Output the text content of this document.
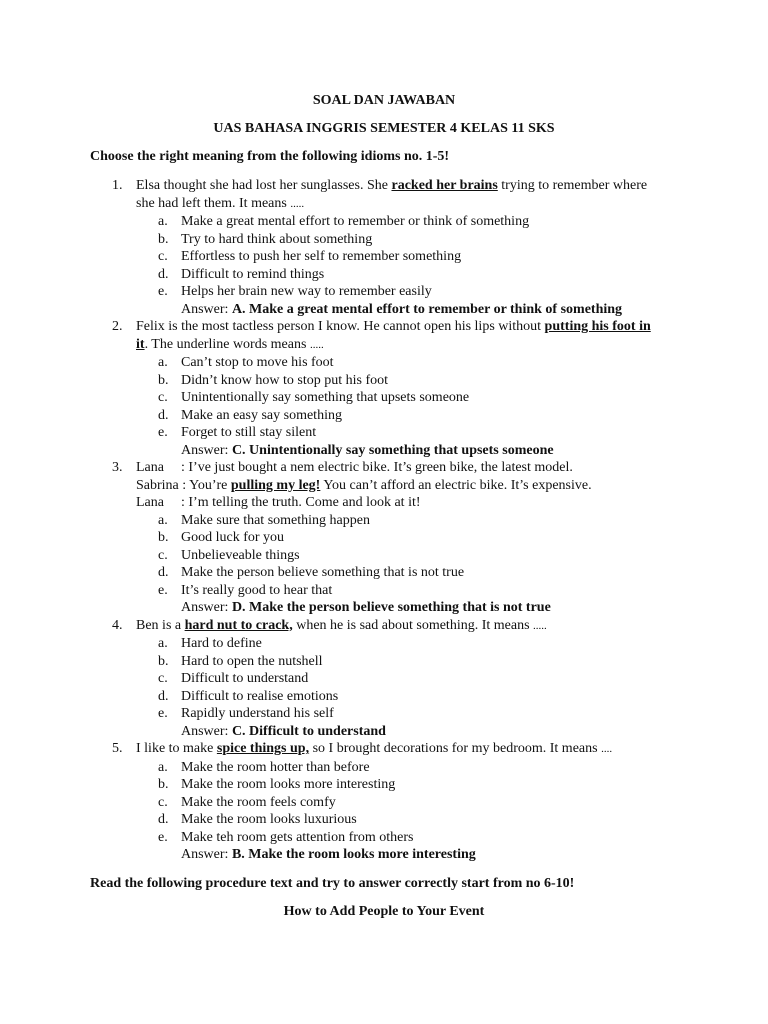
SOAL DAN JAWABAN
UAS BAHASA INGGRIS SEMESTER 4 KELAS 11 SKS
Choose the right meaning from the following idioms no. 1-5!
1. Elsa thought she had lost her sunglasses. She racked her brains trying to remember where she had left them. It means .....
a. Make a great mental effort to remember or think of something
b. Try to hard think about something
c. Effortless to push her self to remember something
d. Difficult to remind things
e. Helps her brain new way to remember easily
Answer: A. Make a great mental effort to remember or think of something
2. Felix is the most tactless person I know. He cannot open his lips without putting his foot in it. The underline words means .....
a. Can’t stop to move his foot
b. Didn’t know how to stop put his foot
c. Unintentionally say something that upsets someone
d. Make an easy say something
e. Forget to still stay silent
Answer: C. Unintentionally say something that upsets someone
3. Lana : I’ve just bought a nem electric bike. It’s green bike, the latest model.
Sabrina : You’re pulling my leg! You can’t afford an electric bike. It’s expensive.
Lana : I’m telling the truth. Come and look at it!
a. Make sure that something happen
b. Good luck for you
c. Unbelieveable things
d. Make the person believe something that is not true
e. It’s really good to hear that
Answer: D. Make the person believe something that is not true
4. Ben is a hard nut to crack, when he is sad about something. It means .....
a. Hard to define
b. Hard to open the nutshell
c. Difficult to understand
d. Difficult to realise emotions
e. Rapidly understand his self
Answer: C. Difficult to understand
5. I like to make spice things up, so I brought decorations for my bedroom. It means ....
a. Make the room hotter than before
b. Make the room looks more interesting
c. Make the room feels comfy
d. Make the room looks luxurious
e. Make teh room gets attention from others
Answer: B. Make the room looks more interesting
Read the following procedure text and try to answer correctly start from no 6-10!
How to Add People to Your Event
